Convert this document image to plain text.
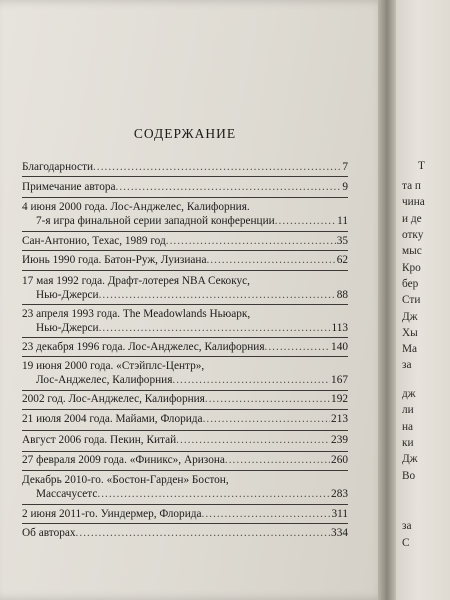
СОДЕРЖАНИЕ
Благодарности .....	7
Примечание автора .....	9
4 июня 2000 года. Лос-Анджелес, Калифорния.
7-я игра финальной серии западной конференции .....	11
Сан-Антонио, Техас, 1989 год .....	35
Июнь 1990 года. Батон-Руж, Луизиана .....	62
17 мая 1992 года. Драфт-лотерея NBA Секокус,
Нью-Джерси .....	88
23 апреля 1993 года. The Meadowlands Ньюарк,
Нью-Джерси .....	113
23 декабря 1996 года. Лос-Анджелес, Калифорния .....	140
19 июня 2000 года. «Стэйплс-Центр»,
Лос-Анджелес, Калифорния .....	167
2002 год. Лос-Анджелес, Калифорния .....	192
21 июля 2004 года. Майами, Флорида .....	213
Август 2006 года. Пекин, Китай .....	239
27 февраля 2009 года. «Финикс», Аризона .....	260
Декабрь 2010-го. «Бостон-Гарден» Бостон,
Массачусетс .....	283
2 июня 2011-го. Уиндермер, Флорида .....	311
Об авторах .....	334
Т
та п
чина
и де
отку
мыс
Кро
бер
Сти
Дж
Хы
Ма
за
дж
ли
на
ки
Дж
Во
за
С
